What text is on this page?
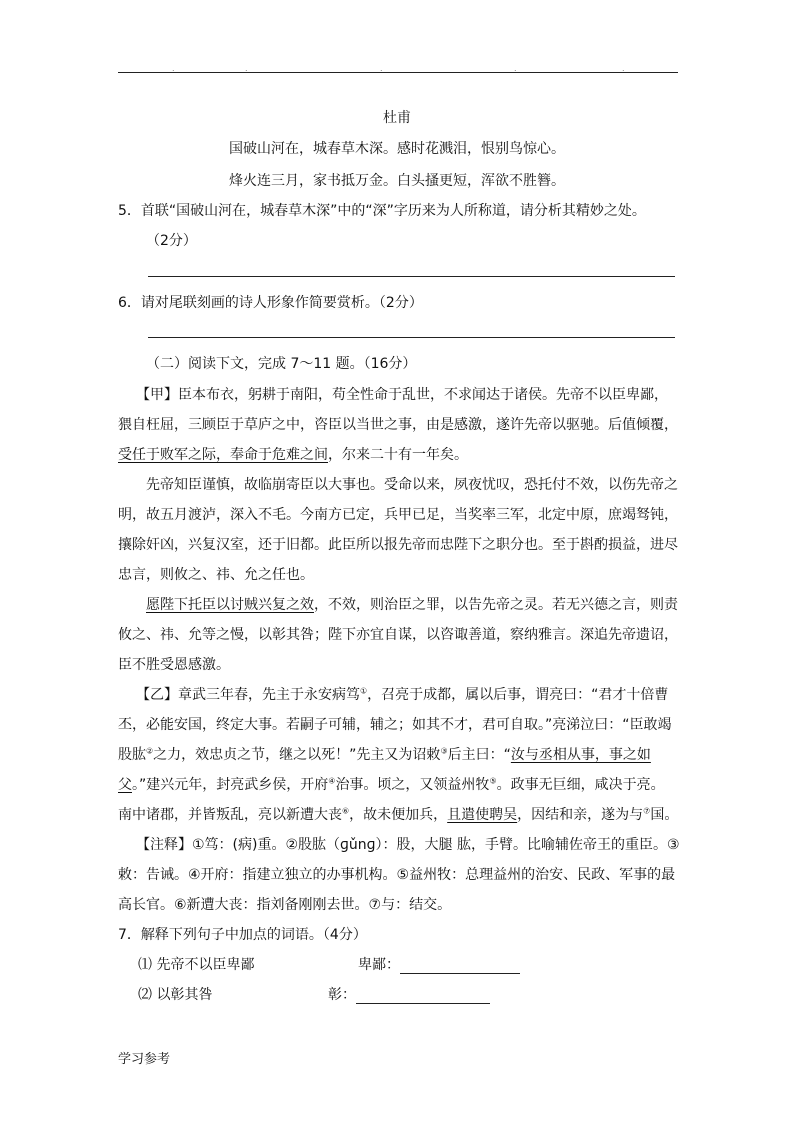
.	.	.	.	.
杜甫
国破山河在，城春草木深。感时花溅泪，恨别鸟惊心。
烽火连三月，家书抵万金。白头搔更短，浑欲不胜簪。
5．首联“国破山河在，城春草木深”中的“深”字历来为人所称道，请分析其精妙之处。
（2分）
6．请对尾联刻画的诗人形象作简要赏析。（2分）
（二）阅读下文，完成 7～11 题。（16分）
【甲】臣本布衣，躬耕于南阳，苟全性命于乱世，不求闻达于诸侯。先帝不以臣卑鄙，
猥自枉屈，三顾臣于草庐之中，咨臣以当世之事，由是感激，遂许先帝以驱驰。后值倾覆，
受任于败军之际，奉命于危难之间，尔来二十有一年矣。
先帝知臣谨慎，故临崩寄臣以大事也。受命以来，夙夜忧叹，恐托付不效，以伤先帝之
明，故五月渡泸，深入不毛。今南方已定，兵甲已足，当奖率三军，北定中原，庶竭驽钝，
攘除奸凶，兴复汉室，还于旧都。此臣所以报先帝而忠陛下之职分也。至于斟酌损益，进尽
忠言，则攸之、祎、允之任也。
愿陛下托臣以讨贼兴复之效，不效，则治臣之罪，以告先帝之灵。若无兴德之言，则责
攸之、祎、允等之慢，以彰其咎；陛下亦宜自谋，以咨诹善道，察纳雅言。深追先帝遗诏，
臣不胜受恩感激。
【乙】章武三年春，先主于永安病笃①，召亮于成都，属以后事，谓亮曰：“君才十倍曹
丕，必能安国，终定大事。若嗣子可辅，辅之；如其不才，君可自取。”亮涕泣曰：“臣敢竭
股肱②之力，效忠贞之节，继之以死！”先主又为诏敕③后主曰：“汝与丞相从事，事之如
父。”建兴元年，封亮武乡侯，开府④治事。顷之，又领益州牧⑤。政事无巨细，咸决于亮。
南中诸郡，并皆叛乱，亮以新遭大丧⑥，故未便加兵，且遣使聘吴，因结和亲，遂为与⑦国。
【注释】①笃：(病)重。②股肱（ɡǔnɡ）：股，大腿 肱，手臂。比喻辅佐帝王的重臣。③
敕：告诫。④开府：指建立独立的办事机构。⑤益州牧：总理益州的治安、民政、军事的最
高长官。⑥新遭大丧：指刘备刚刚去世。⑦与：结交。
7．解释下列句子中加点的词语。（4分）
⑴ 先帝不以臣卑鄙	卑鄙：
⑵ 以彰其咎	彰：
学习参考
